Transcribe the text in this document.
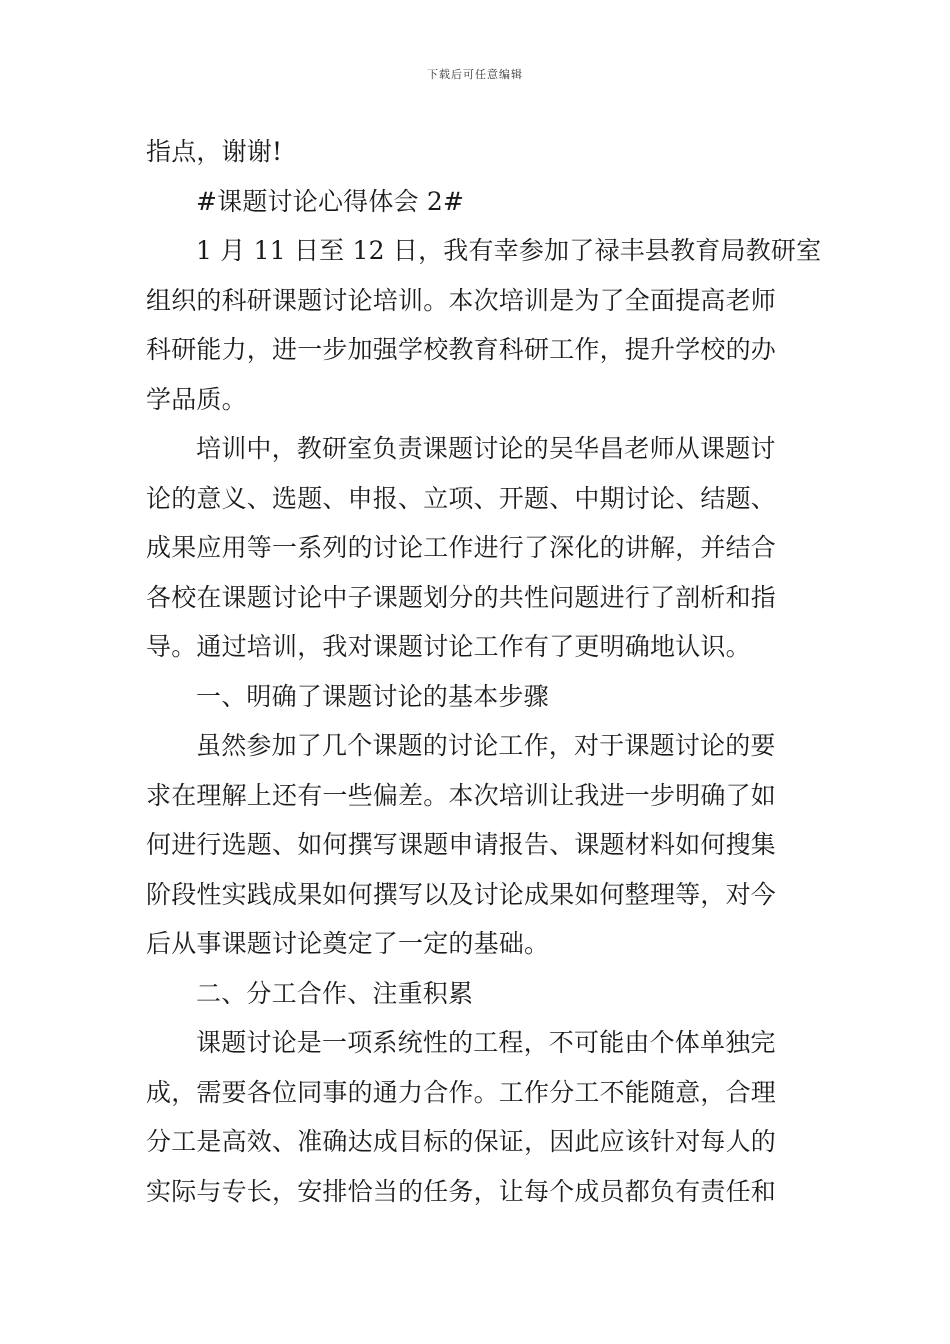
下载后可任意编辑
指点，谢谢!
#课题讨论心得体会 2#
1 月 11 日至 12 日，我有幸参加了禄丰县教育局教研室
组织的科研课题讨论培训。本次培训是为了全面提高老师
科研能力，进一步加强学校教育科研工作，提升学校的办
学品质。
培训中，教研室负责课题讨论的吴华昌老师从课题讨
论的意义、选题、申报、立项、开题、中期讨论、结题、
成果应用等一系列的讨论工作进行了深化的讲解，并结合
各校在课题讨论中子课题划分的共性问题进行了剖析和指
导。通过培训，我对课题讨论工作有了更明确地认识。
一、明确了课题讨论的基本步骤
虽然参加了几个课题的讨论工作，对于课题讨论的要
求在理解上还有一些偏差。本次培训让我进一步明确了如
何进行选题、如何撰写课题申请报告、课题材料如何搜集
阶段性实践成果如何撰写以及讨论成果如何整理等，对今
后从事课题讨论奠定了一定的基础。
二、分工合作、注重积累
课题讨论是一项系统性的工程，不可能由个体单独完
成，需要各位同事的通力合作。工作分工不能随意，合理
分工是高效、准确达成目标的保证，因此应该针对每人的
实际与专长，安排恰当的任务，让每个成员都负有责任和
